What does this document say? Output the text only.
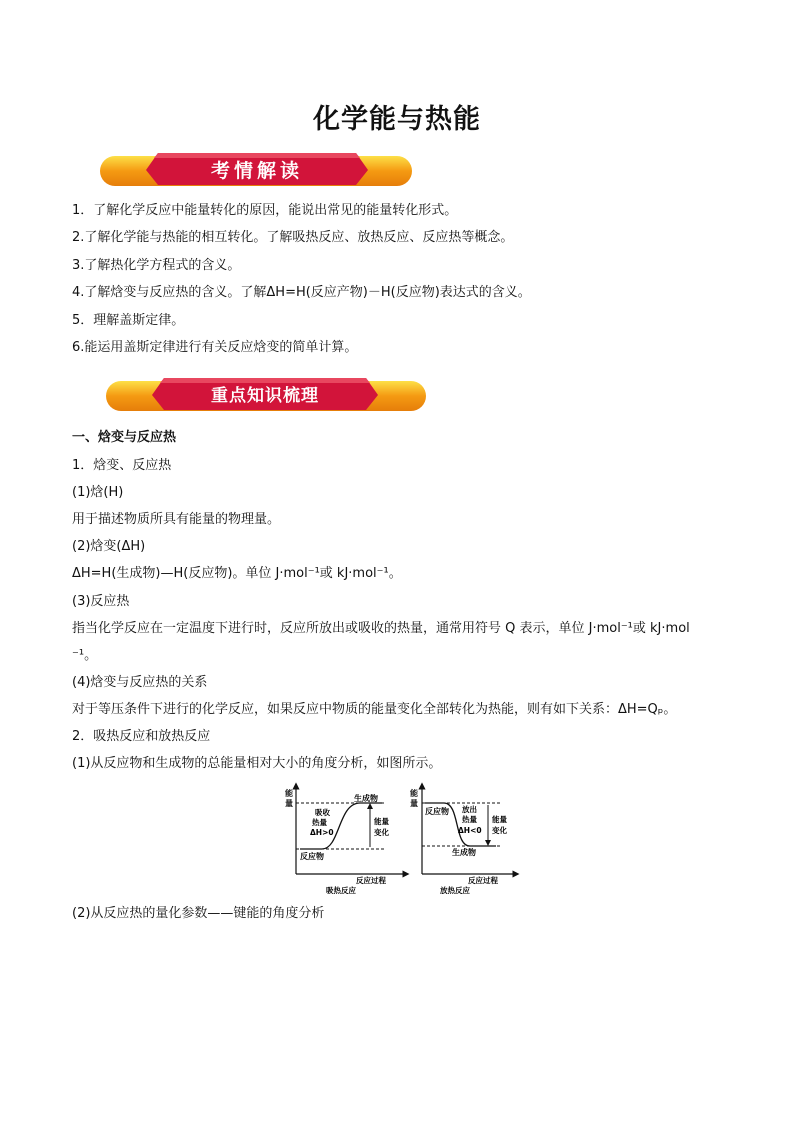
化学能与热能
考情解读
1．了解化学反应中能量转化的原因，能说出常见的能量转化形式。
2.了解化学能与热能的相互转化。了解吸热反应、放热反应、反应热等概念。
3.了解热化学方程式的含义。
4.了解焓变与反应热的含义。了解ΔH=H(反应产物)－H(反应物)表达式的含义。
5．理解盖斯定律。
6.能运用盖斯定律进行有关反应焓变的简单计算。
重点知识梳理
一、焓变与反应热
1．焓变、反应热
(1)焓(H)
用于描述物质所具有能量的物理量。
(2)焓变(ΔH)
ΔH=H(生成物)—H(反应物)。单位 J·mol⁻¹或 kJ·mol⁻¹。
(3)反应热
指当化学反应在一定温度下进行时，反应所放出或吸收的热量，通常用符号 Q 表示，单位 J·mol⁻¹或 kJ·mol
⁻¹。
(4)焓变与反应热的关系
对于等压条件下进行的化学反应，如果反应中物质的能量变化全部转化为热能，则有如下关系：ΔH=Qₚ。
2．吸热反应和放热反应
(1)从反应物和生成物的总能量相对大小的角度分析，如图所示。
能
量
生成物
反应物
吸收
热量
ΔH>0
能量
变化
反应过程
吸热反应
能
量
反应物
生成物
放出
热量
ΔH<0
能量
变化
反应过程
放热反应
(2)从反应热的量化参数——键能的角度分析
